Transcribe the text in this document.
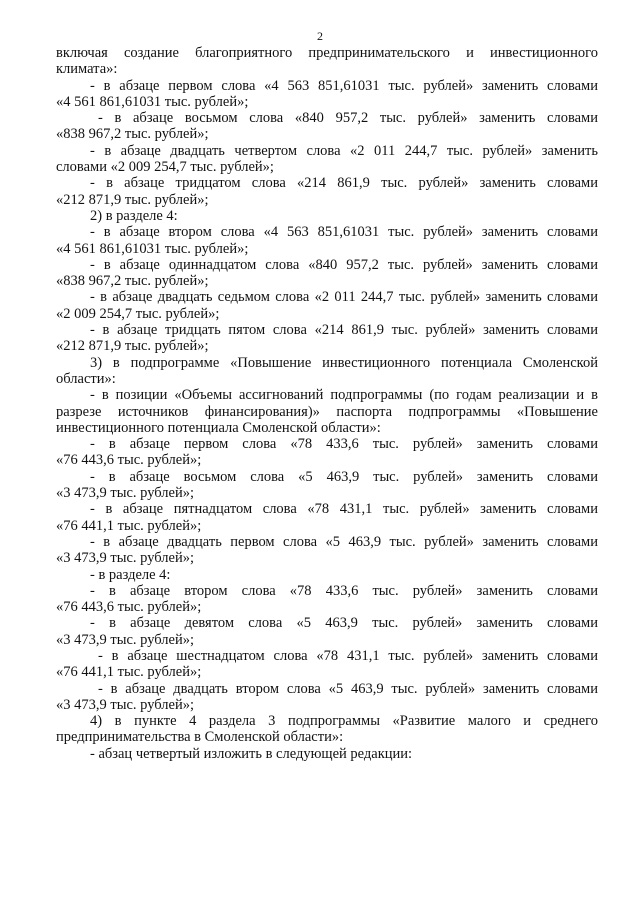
2
включая создание благоприятного предпринимательского и инвестиционного
климата»:
- в абзаце первом слова «4 563 851,61031 тыс. рублей» заменить словами
«4 561 861,61031 тыс. рублей»;
- в абзаце восьмом слова «840 957,2 тыс. рублей» заменить словами
«838 967,2 тыс. рублей»;
- в абзаце двадцать четвертом слова «2 011 244,7 тыс. рублей» заменить
словами «2 009 254,7 тыс. рублей»;
- в абзаце тридцатом слова «214 861,9 тыс. рублей» заменить словами
«212 871,9 тыс. рублей»;
2) в разделе 4:
- в абзаце втором слова «4 563 851,61031 тыс. рублей» заменить словами
«4 561 861,61031 тыс. рублей»;
- в абзаце одиннадцатом слова «840 957,2 тыс. рублей» заменить словами
«838 967,2 тыс. рублей»;
- в абзаце двадцать седьмом слова «2 011 244,7 тыс. рублей» заменить словами
«2 009 254,7 тыс. рублей»;
- в абзаце тридцать пятом слова «214 861,9 тыс. рублей» заменить словами
«212 871,9 тыс. рублей»;
3) в подпрограмме «Повышение инвестиционного потенциала Смоленской
области»:
- в позиции «Объемы ассигнований подпрограммы (по годам реализации и в
разрезе источников финансирования)» паспорта подпрограммы «Повышение
инвестиционного потенциала Смоленской области»:
- в абзаце первом слова «78 433,6 тыс. рублей» заменить словами
«76 443,6 тыс. рублей»;
- в абзаце восьмом слова «5 463,9 тыс. рублей» заменить словами
«3 473,9 тыс. рублей»;
- в абзаце пятнадцатом слова «78 431,1 тыс. рублей» заменить словами
«76 441,1 тыс. рублей»;
- в абзаце двадцать первом слова «5 463,9 тыс. рублей» заменить словами
«3 473,9 тыс. рублей»;
- в разделе 4:
- в абзаце втором слова «78 433,6 тыс. рублей» заменить словами
«76 443,6 тыс. рублей»;
- в абзаце девятом слова «5 463,9 тыс. рублей» заменить словами
«3 473,9 тыс. рублей»;
- в абзаце шестнадцатом слова «78 431,1 тыс. рублей» заменить словами
«76 441,1 тыс. рублей»;
- в абзаце двадцать втором слова «5 463,9 тыс. рублей» заменить словами
«3 473,9 тыс. рублей»;
4) в пункте 4 раздела 3 подпрограммы «Развитие малого и среднего
предпринимательства в Смоленской области»:
- абзац четвертый изложить в следующей редакции:
